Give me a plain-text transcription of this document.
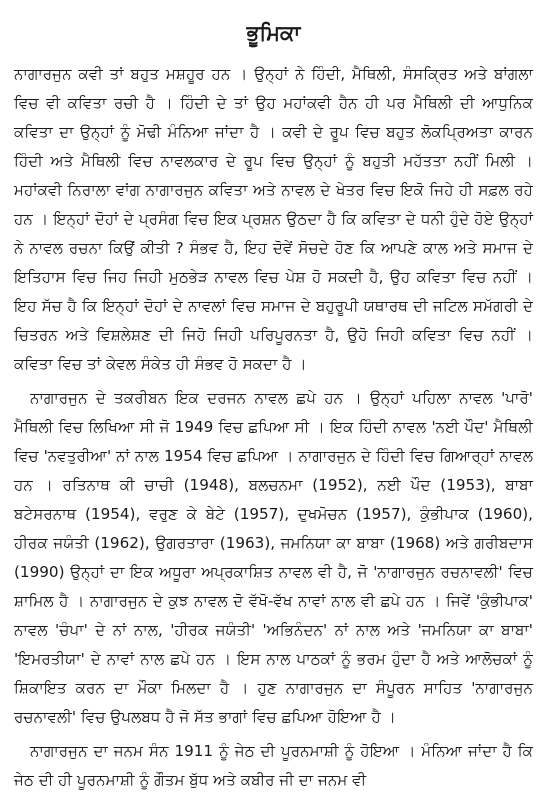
ਭੂਮਿਕਾ

ਨਾਗਾਰਜੁਨ ਕਵੀ ਤਾਂ ਬਹੁਤ ਮਸ਼ਹੂਰ ਹਨ । ਉਨ੍ਹਾਂ ਨੇ ਹਿੰਦੀ, ਮੈਥਿਲੀ, ਸੰਸਕ੍ਰਿਤ ਅਤੇ ਬਾਂਗਲਾ ਵਿਚ ਵੀ ਕਵਿਤਾ ਰਚੀ ਹੈ । ਹਿੰਦੀ ਦੇ ਤਾਂ ਉਹ ਮਹਾਂਕਵੀ ਹੈਨ ਹੀ ਪਰ ਮੈਥਿਲੀ ਦੀ ਆਧੁਨਿਕ ਕਵਿਤਾ ਦਾ ਉਨ੍ਹਾਂ ਨੂੰ ਮੋਢੀ ਮੰਨਿਆ ਜਾਂਦਾ ਹੈ । ਕਵੀ ਦੇ ਰੂਪ ਵਿਚ ਬਹੁਤ ਲੋਕਪ੍ਰਿਅਤਾ ਕਾਰਨ ਹਿੰਦੀ ਅਤੇ ਮੈਥਿਲੀ ਵਿਚ ਨਾਵਲਕਾਰ ਦੇ ਰੂਪ ਵਿਚ ਉਨ੍ਹਾਂ ਨੂੰ ਬਹੁਤੀ ਮਹੱਤਤਾ ਨਹੀਂ ਮਿਲੀ । ਮਹਾਂਕਵੀ ਨਿਰਾਲਾ ਵਾਂਗ ਨਾਗਾਰਜੁਨ ਕਵਿਤਾ ਅਤੇ ਨਾਵਲ ਦੇ ਖੇਤਰ ਵਿਚ ਇਕੋ ਜਿਹੇ ਹੀ ਸਫ਼ਲ ਰਹੇ ਹਨ । ਇਨ੍ਹਾਂ ਦੋਹਾਂ ਦੇ ਪ੍ਰਸੰਗ ਵਿਚ ਇਕ ਪ੍ਰਸ਼ਨ ਉਠਦਾ ਹੈ ਕਿ ਕਵਿਤਾ ਦੇ ਧਨੀ ਹੁੰਦੇ ਹੋਏ ਉਨ੍ਹਾਂ ਨੇ ਨਾਵਲ ਰਚਨਾ ਕਿਉਂ ਕੀਤੀ ? ਸੰਭਵ ਹੈ, ਇਹ ਦੋਵੇਂ ਸੋਚਦੇ ਹੋਣ ਕਿ ਆਪਣੇ ਕਾਲ ਅਤੇ ਸਮਾਜ ਦੇ ਇਤਿਹਾਸ ਵਿਚ ਜਿਹ ਜਿਹੀ ਮੁਠਭੇੜ ਨਾਵਲ ਵਿਚ ਪੇਸ਼ ਹੋ ਸਕਦੀ ਹੈ, ਉਹ ਕਵਿਤਾ ਵਿਚ ਨਹੀਂ । ਇਹ ਸੱਚ ਹੈ ਕਿ ਇਨ੍ਹਾਂ ਦੋਹਾਂ ਦੇ ਨਾਵਲਾਂ ਵਿਚ ਸਮਾਜ ਦੇ ਬਹੁਰੂਪੀ ਯਥਾਰਥ ਦੀ ਜਟਿਲ ਸਮੱਗਰੀ ਦੇ ਚਿਤਰਨ ਅਤੇ ਵਿਸ਼ਲੇਸ਼ਣ ਦੀ ਜਿਹੋ ਜਿਹੀ ਪਰਿਪੂਰਨਤਾ ਹੈ, ਉਹੋ ਜਿਹੀ ਕਵਿਤਾ ਵਿਚ ਨਹੀਂ । ਕਵਿਤਾ ਵਿਚ ਤਾਂ ਕੇਵਲ ਸੰਕੇਤ ਹੀ ਸੰਭਵ ਹੋ ਸਕਦਾ ਹੈ ।

ਨਾਗਾਰਜੁਨ ਦੇ ਤਕਰੀਬਨ ਇਕ ਦਰਜਨ ਨਾਵਲ ਛਪੇ ਹਨ । ਉਨ੍ਹਾਂ ਪਹਿਲਾ ਨਾਵਲ 'ਪਾਰੋ' ਮੈਥਿਲੀ ਵਿਚ ਲਿਖਿਆ ਸੀ ਜੋ 1949 ਵਿਚ ਛਪਿਆ ਸੀ । ਇਕ ਹਿੰਦੀ ਨਾਵਲ 'ਨਈ ਪੌਦ' ਮੈਥਿਲੀ ਵਿਚ 'ਨਵਤੁਰੀਆ' ਨਾਂ ਨਾਲ 1954 ਵਿਚ ਛਪਿਆ । ਨਾਗਾਰਜੁਨ ਦੇ ਹਿੰਦੀ ਵਿਚ ਗਿਆਰ੍ਹਾਂ ਨਾਵਲ ਹਨ । ਰਤਿਨਾਥ ਕੀ ਚਾਚੀ (1948), ਬਲਚਨਮਾ (1952), ਨਈ ਪੌਦ (1953), ਬਾਬਾ ਬਟੇਸਰਨਾਥ (1954), ਵਰੁਣ ਕੇ ਬੇਟੇ (1957), ਦੁਖਮੋਚਨ (1957), ਕੁੰਭੀਪਾਕ (1960), ਹੀਰਕ ਜਯੰਤੀ (1962), ਉਗਰਤਾਰਾ (1963), ਜਮਨਿਯਾ ਕਾ ਬਾਬਾ (1968) ਅਤੇ ਗਰੀਬਦਾਸ (1990) ਉਨ੍ਹਾਂ ਦਾ ਇਕ ਅਧੂਰਾ ਅਪ੍ਰਕਾਸ਼ਿਤ ਨਾਵਲ ਵੀ ਹੈ, ਜੋ 'ਨਾਗਾਰਜੁਨ ਰਚਨਾਵਲੀ' ਵਿਚ ਸ਼ਾਮਿਲ ਹੈ । ਨਾਗਾਰਜੁਨ ਦੇ ਕੁਝ ਨਾਵਲ ਦੋ ਵੱਖੋ-ਵੱਖ ਨਾਵਾਂ ਨਾਲ ਵੀ ਛਪੇ ਹਨ । ਜਿਵੇਂ 'ਕੁੰਭੀਪਾਕ' ਨਾਵਲ 'ਚੰਪਾ' ਦੇ ਨਾਂ ਨਾਲ, 'ਹੀਰਕ ਜਯੰਤੀ' 'ਅਭਿਨੰਦਨ' ਨਾਂ ਨਾਲ ਅਤੇ 'ਜਮਨਿਯਾ ਕਾ ਬਾਬਾ' 'ਇਮਰਤੀਯਾ' ਦੇ ਨਾਵਾਂ ਨਾਲ ਛਪੇ ਹਨ । ਇਸ ਨਾਲ ਪਾਠਕਾਂ ਨੂੰ ਭਰਮ ਹੁੰਦਾ ਹੈ ਅਤੇ ਆਲੋਚਕਾਂ ਨੂੰ ਸ਼ਿਕਾਇਤ ਕਰਨ ਦਾ ਮੌਕਾ ਮਿਲਦਾ ਹੈ । ਹੁਣ ਨਾਗਾਰਜੁਨ ਦਾ ਸੰਪੂਰਨ ਸਾਹਿਤ 'ਨਾਗਾਰਜੁਨ ਰਚਨਾਵਲੀ' ਵਿਚ ਉਪਲਬਧ ਹੈ ਜੋ ਸੱਤ ਭਾਗਾਂ ਵਿਚ ਛਪਿਆ ਹੋਇਆ ਹੈ ।

ਨਾਗਾਰਜੁਨ ਦਾ ਜਨਮ ਸੰਨ 1911 ਨੂੰ ਜੇਠ ਦੀ ਪੂਰਨਮਾਸ਼ੀ ਨੂੰ ਹੋਇਆ । ਮੰਨਿਆ ਜਾਂਦਾ ਹੈ ਕਿ ਜੇਠ ਦੀ ਹੀ ਪੂਰਨਮਾਸ਼ੀ ਨੂੰ ਗੌਤਮ ਬੁੱਧ ਅਤੇ ਕਬੀਰ ਜੀ ਦਾ ਜਨਮ ਵੀ
